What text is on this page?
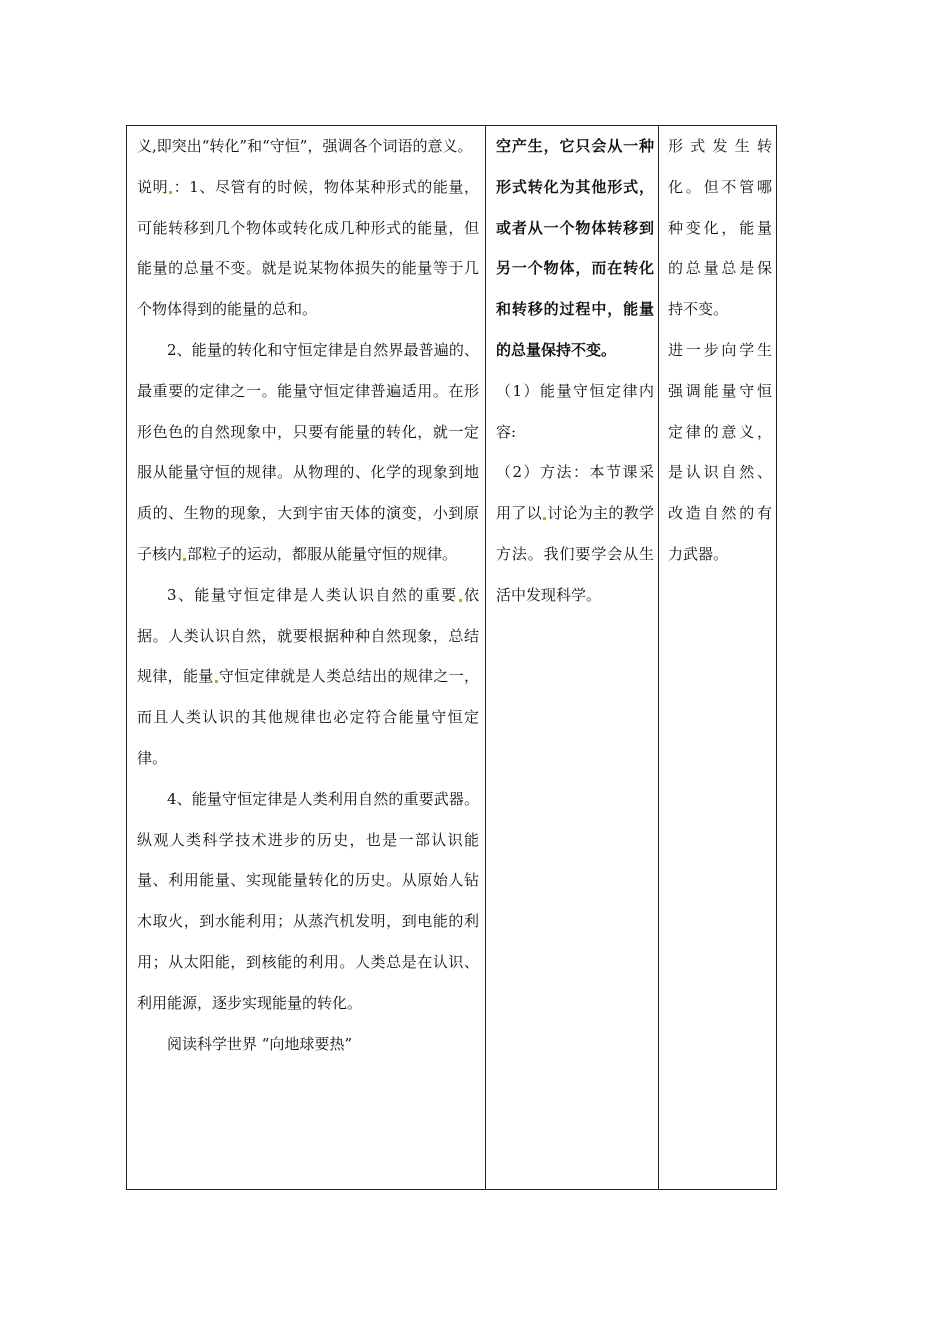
义,即突出“转化”和“守恒”，强调各个词语的意义。

说明 ：1、尽管有的时候，物体某种形式的能量，可能转移到几个物体或转化成几种形式的能量，但能量的总量不变。就是说某物体损失的能量等于几个物体得到的能量的总和。

2、能量的转化和守恒定律是自然界最普遍的、最重要的定律之一。能量守恒定律普遍适用。在形形色色的自然现象中，只要有能量的转化，就一定服从能量守恒的规律。从物理的、化学的现象到地质的、生物的现象，大到宇宙天体的演变，小到原子核内 部粒子的运动，都服从能量守恒的规律。

3、能量守恒定律是人类认识自然的重要 依据。人类认识自然，就要根据种种自然现象，总结规律，能量 守恒定律就是人类总结出的规律之一，而且人类认识的其他规律也必定符合能量守恒定律。

4、能量守恒定律是人类利用自然的重要武器。纵观人类科学技术进步的历史，也是一部认识能量、利用能量、实现能量转化的历史。从原始人钻木取火，到水能利用；从蒸汽机发明，到电能的利用；从太阳能，到核能的利用。人类总是在认识、利用能源，逐步实现能量的转化。

阅读科学世界 “向地球要热”

空产生，它只会从一种形式转化为其他形式，或者从一个物体转移到另一个物体，而在转化和转移的过程中，能量的总量保持不变。

（1）能量守恒定律内容:

（2）方法：本节课采用了以 讨论为主的教学方法。我们要学会从生活中发现科学。

形式发生转化。但不管哪种变化，能量的总量总是保持不变。

进一步向学生强调能量守恒定律的意义，是认识自然、改造自然的有力武器。
